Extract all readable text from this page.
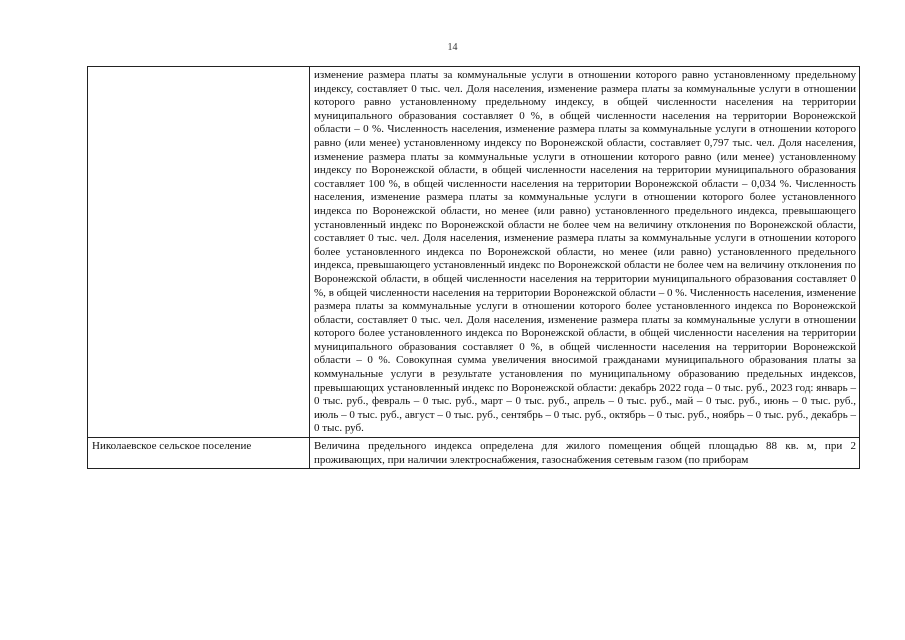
14
	изменение размера платы за коммунальные услуги в отношении которого равно установленному предельному индексу, составляет 0 тыс. чел. Доля населения, изменение размера платы за коммунальные услуги в отношении которого равно установленному предельному индексу, в общей численности населения на территории муниципального образования составляет 0 %, в общей численности населения на территории Воронежской области – 0 %. Численность населения, изменение размера платы за коммунальные услуги в отношении которого равно (или менее) установленному индексу по Воронежской области, составляет 0,797 тыс. чел. Доля населения, изменение размера платы за коммунальные услуги в отношении которого равно (или менее) установленному индексу по Воронежской области, в общей численности населения на территории муниципального образования составляет 100 %, в общей численности населения на территории Воронежской области – 0,034 %. Численность населения, изменение размера платы за коммунальные услуги в отношении которого более установленного индекса по Воронежской области, но менее (или равно) установленного предельного индекса, превышающего установленный индекс по Воронежской области не более чем на величину отклонения по Воронежской области, составляет 0 тыс. чел. Доля населения, изменение размера платы за коммунальные услуги в отношении которого более установленного индекса по Воронежской области, но менее (или равно) установленного предельного индекса, превышающего установленный индекс по Воронежской области не более чем на величину отклонения по Воронежской области, в общей численности населения на территории муниципального образования составляет 0 %, в общей численности населения на территории Воронежской области – 0 %. Численность населения, изменение размера платы за коммунальные услуги в отношении которого более установленного индекса по Воронежской области, составляет 0 тыс. чел. Доля населения, изменение размера платы за коммунальные услуги в отношении которого более установленного индекса по Воронежской области, в общей численности населения на территории муниципального образования составляет 0 %, в общей численности населения на территории Воронежской области – 0 %. Совокупная сумма увеличения вносимой гражданами муниципального образования платы за коммунальные услуги в результате установления по муниципальному образованию предельных индексов, превышающих установленный индекс по Воронежской области: декабрь 2022 года – 0 тыс. руб., 2023 год: январь – 0 тыс. руб., февраль – 0 тыс. руб., март – 0 тыс. руб., апрель – 0 тыс. руб., май – 0 тыс. руб., июнь – 0 тыс. руб., июль – 0 тыс. руб., август – 0 тыс. руб., сентябрь – 0 тыс. руб., октябрь – 0 тыс. руб., ноябрь – 0 тыс. руб., декабрь – 0 тыс. руб.
Николаевское сельское поселение	Величина предельного индекса определена для жилого помещения общей площадью 88 кв. м, при 2 проживающих, при наличии электроснабжения, газоснабжения сетевым газом (по приборам
